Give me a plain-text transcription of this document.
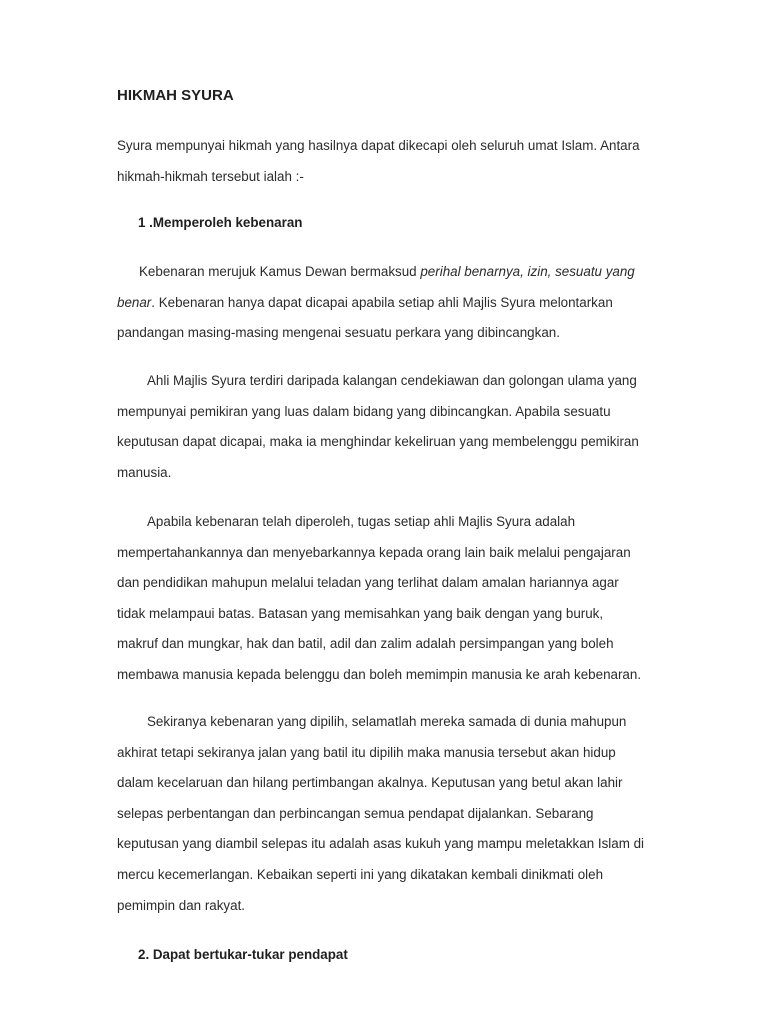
HIKMAH SYURA

Syura mempunyai hikmah yang hasilnya dapat dikecapi oleh seluruh umat Islam. Antara
hikmah-hikmah tersebut ialah :-

1 .Memperoleh kebenaran

Kebenaran merujuk Kamus Dewan bermaksud perihal benarnya, izin, sesuatu yang
benar. Kebenaran hanya dapat dicapai apabila setiap ahli Majlis Syura melontarkan
pandangan masing-masing mengenai sesuatu perkara yang dibincangkan.

Ahli Majlis Syura terdiri daripada kalangan cendekiawan dan golongan ulama yang
mempunyai pemikiran yang luas dalam bidang yang dibincangkan. Apabila sesuatu
keputusan dapat dicapai, maka ia menghindar kekeliruan yang membelenggu pemikiran
manusia.

Apabila kebenaran telah diperoleh, tugas setiap ahli Majlis Syura adalah
mempertahankannya dan menyebarkannya kepada orang lain baik melalui pengajaran
dan pendidikan mahupun melalui teladan yang terlihat dalam amalan hariannya agar
tidak melampaui batas. Batasan yang memisahkan yang baik dengan yang buruk,
makruf dan mungkar, hak dan batil, adil dan zalim adalah persimpangan yang boleh
membawa manusia kepada belenggu dan boleh memimpin manusia ke arah kebenaran.

Sekiranya kebenaran yang dipilih, selamatlah mereka samada di dunia mahupun
akhirat tetapi sekiranya jalan yang batil itu dipilih maka manusia tersebut akan hidup
dalam kecelaruan dan hilang pertimbangan akalnya. Keputusan yang betul akan lahir
selepas perbentangan dan perbincangan semua pendapat dijalankan. Sebarang
keputusan yang diambil selepas itu adalah asas kukuh yang mampu meletakkan Islam di
mercu kecemerlangan. Kebaikan seperti ini yang dikatakan kembali dinikmati oleh
pemimpin dan rakyat.

2. Dapat bertukar-tukar pendapat
